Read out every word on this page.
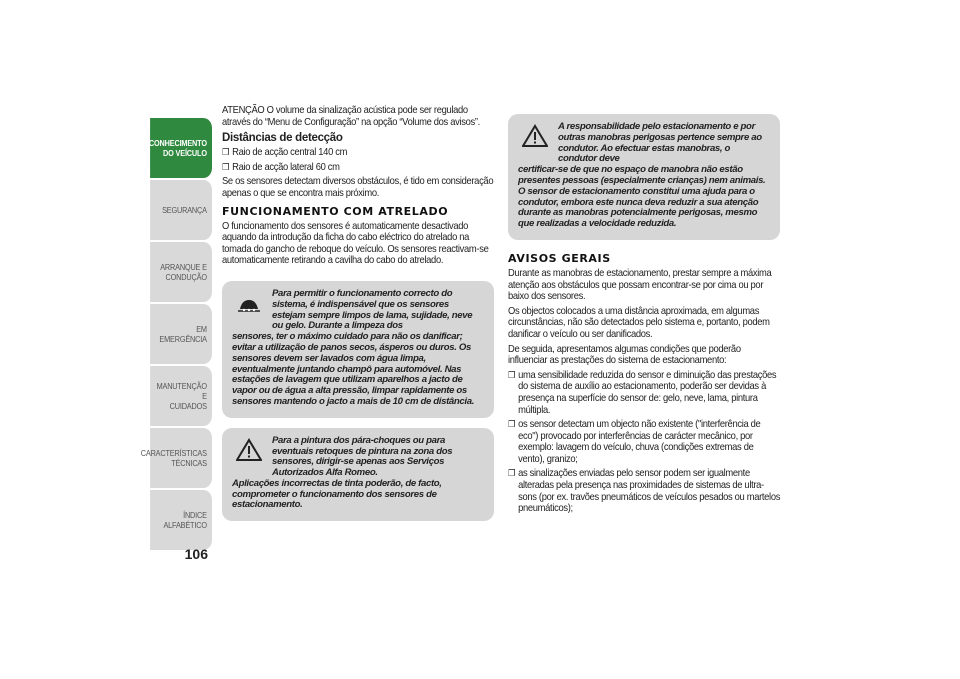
CONHECIMENTO
DO VEÍCULO
SEGURANÇA
ARRANQUE E
CONDUÇÃO
EM EMERGÊNCIA
MANUTENÇÃO E
CUIDADOS
CARACTERÍSTICAS
TÉCNICAS
ÍNDICE ALFABÉTICO
106

ATENÇÃO O volume da sinalização acústica pode ser regulado através do “Menu de Configuração” na opção “Volume dos avisos”.

Distâncias de detecção
❒ Raio de acção central 140 cm
❒ Raio de acção lateral 60 cm

Se os sensores detectam diversos obstáculos, é tido em consideração apenas o que se encontra mais próximo.

FUNCIONAMENTO COM ATRELADO

O funcionamento dos sensores é automaticamente desactivado aquando da introdução da ficha do cabo eléctrico do atrelado na tomada do gancho de reboque do veículo. Os sensores reactivam-se automaticamente retirando a cavilha do cabo do atrelado.

Para permitir o funcionamento correcto do sistema, é indispensável que os sensores estejam sempre limpos de lama, sujidade, neve ou gelo. Durante a limpeza dos
sensores, ter o máximo cuidado para não os danificar; evitar a utilização de panos secos, ásperos ou duros. Os sensores devem ser lavados com água limpa, eventualmente juntando champô para automóvel. Nas estações de lavagem que utilizam aparelhos a jacto de vapor ou de água a alta pressão, limpar rapidamente os sensores mantendo o jacto a mais de 10 cm de distância.
Para a pintura dos pára-choques ou para eventuais retoques de pintura na zona dos sensores, dirigir-se apenas aos Serviços Autorizados Alfa Romeo.
Aplicações incorrectas de tinta poderão, de facto, comprometer o funcionamento dos sensores de estacionamento.
A responsabilidade pelo estacionamento e por outras manobras perigosas pertence sempre ao condutor. Ao efectuar estas manobras, o condutor deve
certificar-se de que no espaço de manobra não estão presentes pessoas (especialmente crianças) nem animais. O sensor de estacionamento constitui uma ajuda para o condutor, embora este nunca deva reduzir a sua atenção durante as manobras potencialmente perigosas, mesmo que realizadas a velocidade reduzida.
AVISOS GERAIS

Durante as manobras de estacionamento, prestar sempre a máxima atenção aos obstáculos que possam encontrar-se por cima ou por baixo dos sensores.

Os objectos colocados a uma distância aproximada, em algumas circunstâncias, não são detectados pelo sistema e, portanto, podem danificar o veículo ou ser danificados.

De seguida, apresentamos algumas condições que poderão influenciar as prestações do sistema de estacionamento:

❒ uma sensibilidade reduzida do sensor e diminuição das prestações do sistema de auxílio ao estacionamento, poderão ser devidas à presença na superfície do sensor de: gelo, neve, lama, pintura múltipla.
❒ os sensor detectam um objecto não existente ("interferência de eco") provocado por interferências de carácter mecânico, por exemplo: lavagem do veículo, chuva (condições extremas de vento), granizo;
❒ as sinalizações enviadas pelo sensor podem ser igualmente alteradas pela presença nas proximidades de sistemas de ultra-sons (por ex. travões pneumáticos de veículos pesados ou martelos pneumáticos);
